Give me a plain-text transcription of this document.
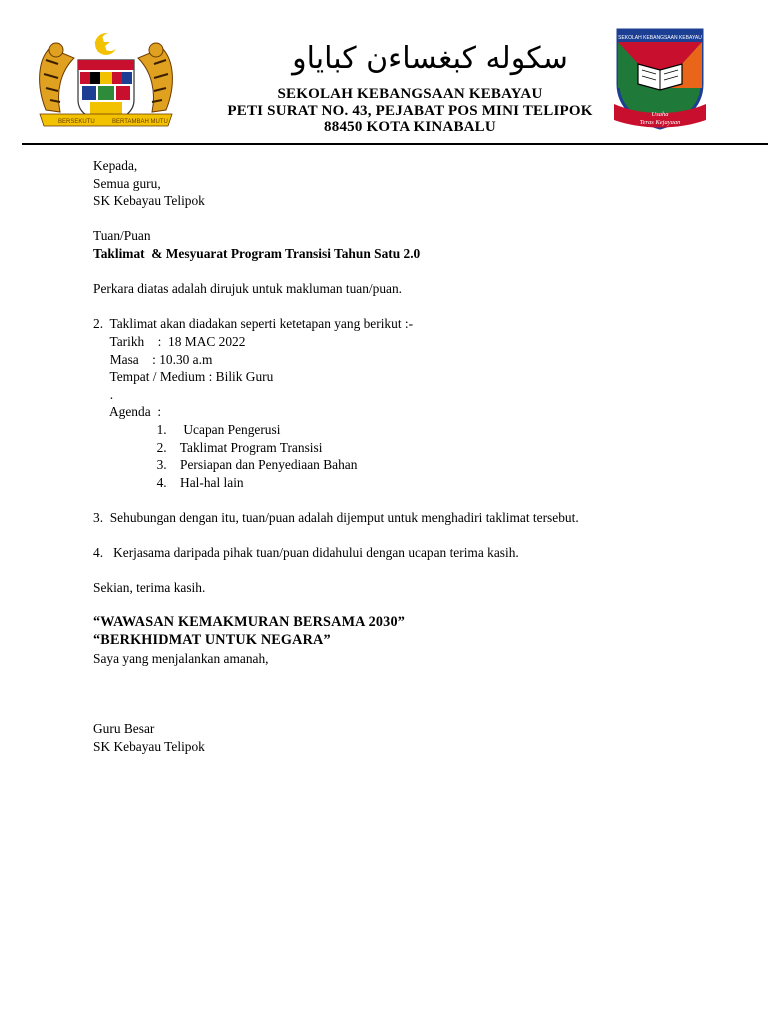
BERSEKUTU	BERTAMBAH MUTU
سکوله کبغساءن کباياو
SEKOLAH KEBANGSAAN KEBAYAU
PETI SURAT NO. 43, PEJABAT POS MINI TELIPOK
88450 KOTA KINABALU
SEKOLAH KEBANGSAAN KEBAYAU
Usaha
Teras Kejayaan
Kepada,
Semua guru,
SK Kebayau Telipok
Tuan/Puan
Taklimat  & Mesyuarat Program Transisi Tahun Satu 2.0
Perkara diatas adalah dirujuk untuk makluman tuan/puan.
2.  Taklimat akan diadakan seperti ketetapan yang berikut :-
Tarikh    :  18 MAC 2022
Masa    : 10.30 a.m
Tempat / Medium : Bilik Guru
.
Agenda  :
1.     Ucapan Pengerusi
2.    Taklimat Program Transisi
3.    Persiapan dan Penyediaan Bahan
4.    Hal-hal lain
3.  Sehubungan dengan itu, tuan/puan adalah dijemput untuk menghadiri taklimat tersebut.
4.   Kerjasama daripada pihak tuan/puan didahului dengan ucapan terima kasih.
Sekian, terima kasih.
“WAWASAN KEMAKMURAN BERSAMA 2030”
“BERKHIDMAT UNTUK NEGARA”
Saya yang menjalankan amanah,
Guru Besar
SK Kebayau Telipok
